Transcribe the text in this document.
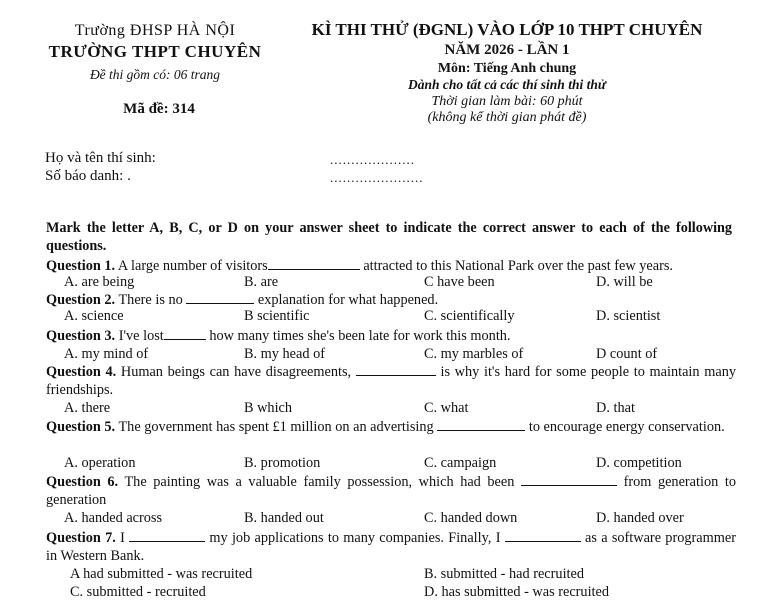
Trường ĐHSP HÀ NỘI
TRƯỜNG THPT CHUYÊN
Đề thi gồm có: 06 trang
Mã đề: 314
KÌ THI THỬ (ĐGNL) VÀO LỚP 10 THPT CHUYÊN
NĂM 2026 - LẦN 1
Môn: Tiếng Anh chung
Dành cho tất cả các thí sinh thi thử
Thời gian làm bài: 60 phút
(không kể thời gian phát đề)
Họ và tên thí sinh:	....................
Số báo danh: .	......................
Mark the letter A, B, C, or D on your answer sheet to indicate the correct answer to each of the following questions.
Question 1. A large number of visitors	attracted to this National Park over the past few years.
A. are being	B. are	C have been	D. will be
Question 2. There is no	explanation for what happened.
A. science	B scientific	C. scientifically	D. scientist
Question 3. I've lost	how many times she's been late for work this month.
A. my mind of	B. my head of	C. my marbles of	D count of
Question 4. Human beings can have disagreements,	is why it's hard for some people to maintain many friendships.
A. there	B which	C. what	D. that
Question 5. The government has spent £1 million on an advertising	to encourage energy conservation.
A. operation	B. promotion	C. campaign	D. competition
Question 6. The painting was a valuable family possession, which had been	from generation to generation
A. handed across	B. handed out	C. handed down	D. handed over
Question 7. I	my job applications to many companies. Finally, I	as a software programmer in Western Bank.
A had submitted - was recruited	B. submitted - had recruited
C. submitted - recruited	D. has submitted - was recruited
